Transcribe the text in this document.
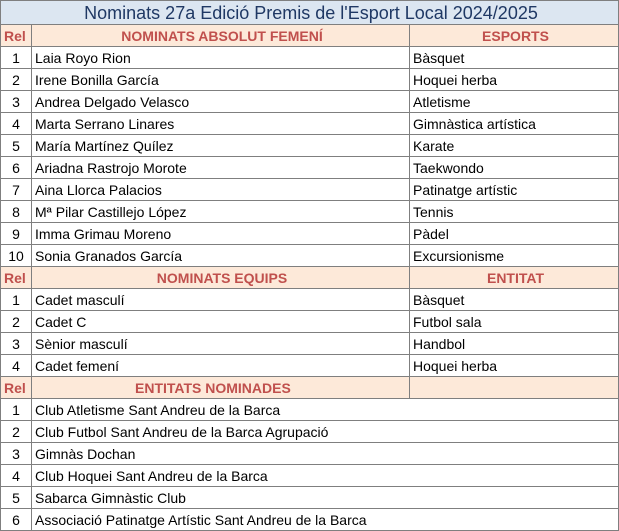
Nominats 27a Edició Premis de l'Esport Local 2024/2025		
Rel	NOMINATS ABSOLUT FEMENÍ	ESPORTS
1	Laia Royo Rion	Bàsquet
2	Irene Bonilla García	Hoquei herba
3	Andrea Delgado Velasco	Atletisme
4	Marta Serrano Linares	Gimnàstica artística
5	María Martínez Quílez	Karate
6	Ariadna Rastrojo Morote	Taekwondo
7	Aina Llorca Palacios	Patinatge artístic
8	Mª Pilar Castillejo López	Tennis
9	Imma Grimau Moreno	Pàdel
10	Sonia Granados García	Excursionisme
Rel	NOMINATS EQUIPS	ENTITAT
1	Cadet masculí	Bàsquet
2	Cadet C	Futbol sala
3	Sènior masculí	Handbol
4	Cadet femení	Hoquei herba
Rel	ENTITATS NOMINADES	
1	Club Atletisme Sant Andreu de la Barca	
2	Club Futbol Sant Andreu de la Barca Agrupació	
3	Gimnàs Dochan	
4	Club Hoquei Sant Andreu de la Barca	
5	Sabarca Gimnàstic Club	
6	Associació Patinatge Artístic Sant Andreu de la Barca	
